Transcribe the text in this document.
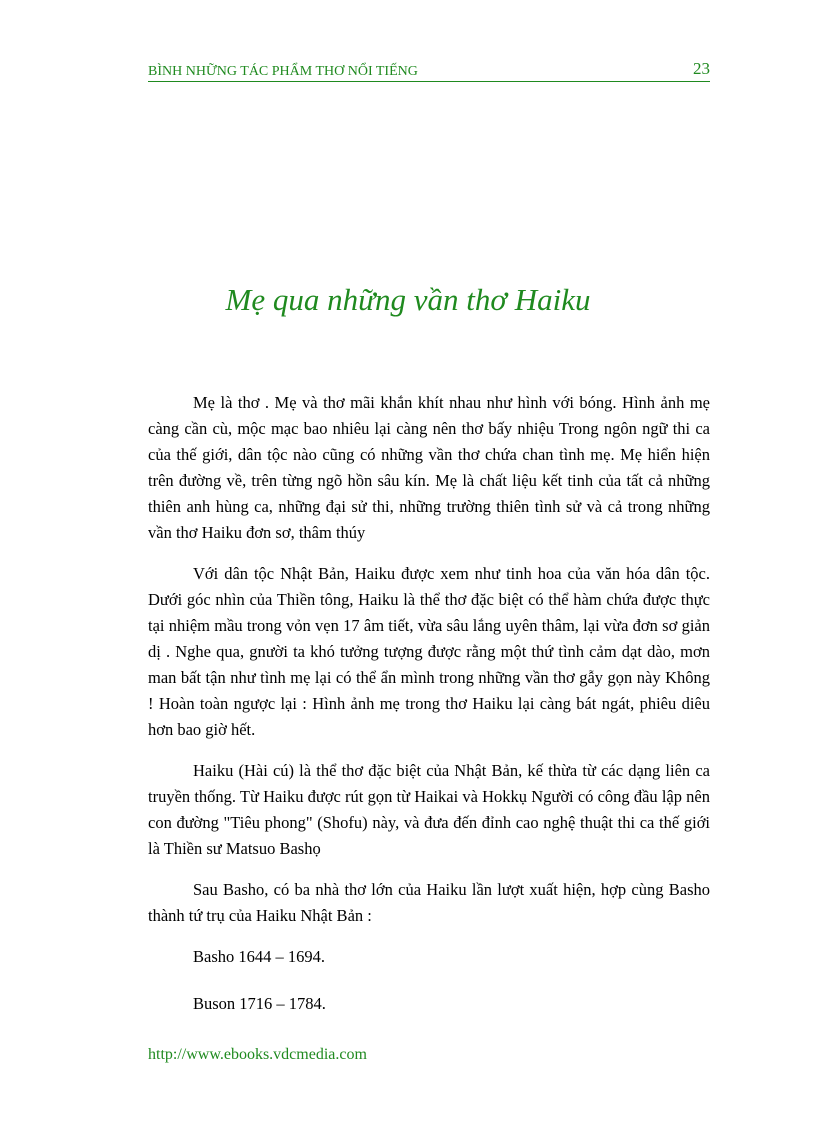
BÌNH NHỮNG TÁC PHẨM THƠ NỔI TIẾNG	23
Mẹ qua những vần thơ Haiku

Mẹ là thơ . Mẹ và thơ mãi khắn khít nhau như hình với bóng. Hình ảnh mẹ càng cần cù, mộc mạc bao nhiêu lại càng nên thơ bấy nhiệu Trong ngôn ngữ thi ca của thế giới, dân tộc nào cũng có những vần thơ chứa chan tình mẹ. Mẹ hiển hiện trên đường về, trên từng ngõ hồn sâu kín. Mẹ là chất liệu kết tinh của tất cả những thiên anh hùng ca, những đại sử thi, những trường thiên tình sử và cả trong những vần thơ Haiku đơn sơ, thâm thúy

Với dân tộc Nhật Bản, Haiku được xem như tinh hoa của văn hóa dân tộc. Dưới góc nhìn của Thiền tông, Haiku là thể thơ đặc biệt có thể hàm chứa được thực tại nhiệm mầu trong vỏn vẹn 17 âm tiết, vừa sâu lắng uyên thâm, lại vừa đơn sơ giản dị . Nghe qua, gnười ta khó tưởng tượng được rằng một thứ tình cảm dạt dào, mơn man bất tận như tình mẹ lại có thể ẩn mình trong những vần thơ gẫy gọn này Không ! Hoàn toàn ngược lại : Hình ảnh mẹ trong thơ Haiku lại càng bát ngát, phiêu diêu hơn bao giờ hết.

Haiku (Hài cú) là thể thơ đặc biệt của Nhật Bản, kế thừa từ các dạng liên ca truyền thống. Từ Haiku được rút gọn từ Haikai và Hokkụ Người có công đầu lập nên con đường "Tiêu phong" (Shofu) này, và đưa đến đỉnh cao nghệ thuật thi ca thế giới là Thiền sư Matsuo Bashọ

Sau Basho, có ba nhà thơ lớn của Haiku lần lượt xuất hiện, hợp cùng Basho thành tứ trụ của Haiku Nhật Bản :

Basho 1644 – 1694.

Buson 1716 – 1784.

http://www.ebooks.vdcmedia.com
